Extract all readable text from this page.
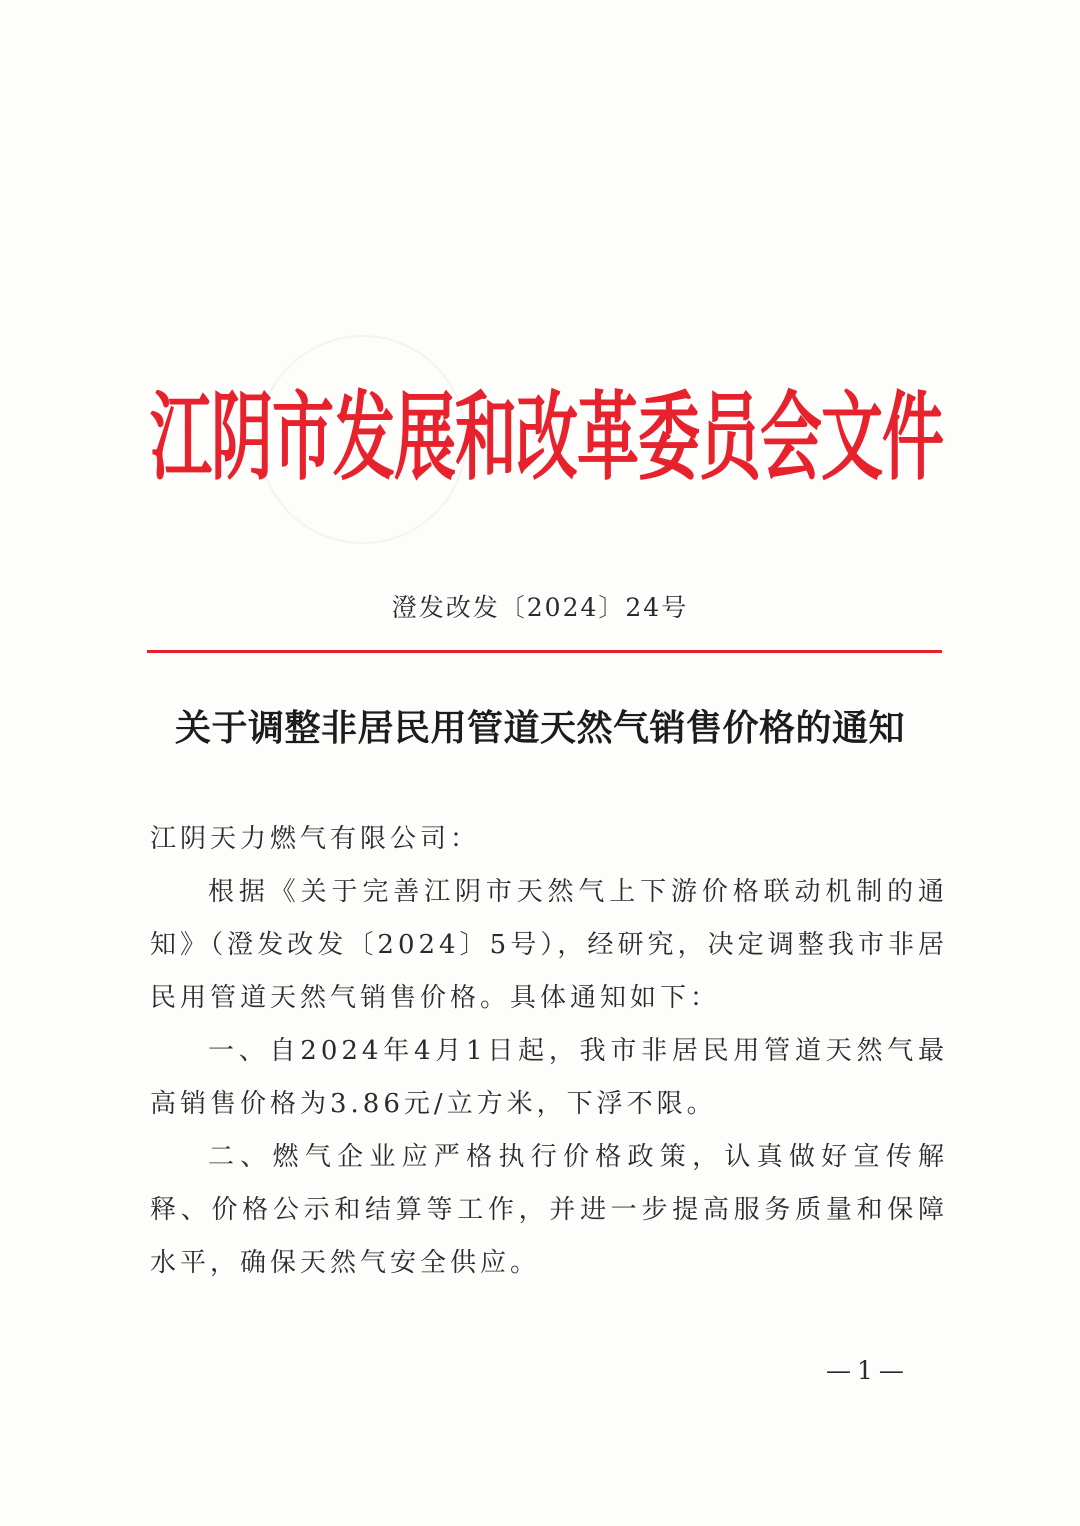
江阴市发展和改革委员会文件
澄发改发〔2024〕24号
关于调整非居民用管道天然气销售价格的通知

江阴天力燃气有限公司：

根据《关于完善江阴市天然气上下游价格联动机制的通知》（澄发改发〔2024〕5号），经研究，决定调整我市非居民用管道天然气销售价格。具体通知如下：

一、自2024年4月1日起，我市非居民用管道天然气最高销售价格为3.86元/立方米，下浮不限。

二、燃气企业应严格执行价格政策，认真做好宣传解释、价格公示和结算等工作，并进一步提高服务质量和保障水平，确保天然气安全供应。

—1—
